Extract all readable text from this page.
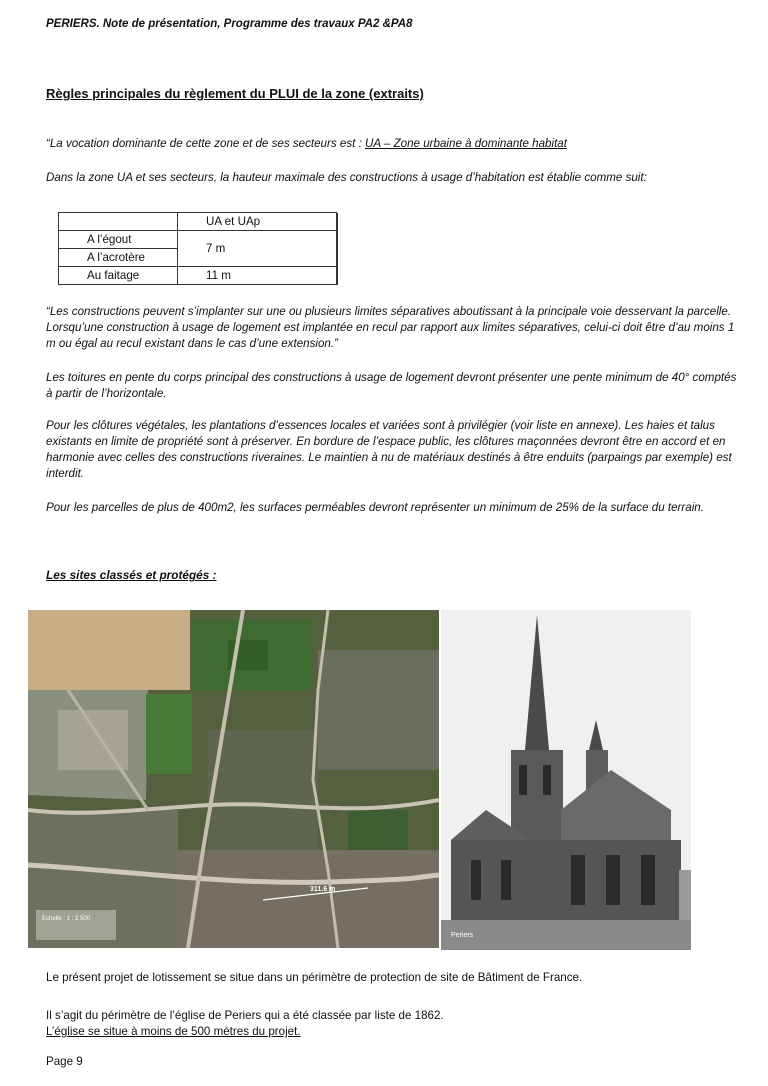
PERIERS. Note de présentation, Programme des travaux PA2 &PA8
Règles principales du règlement du PLUI de la zone (extraits)
“La vocation dominante de cette zone et de ses secteurs est : UA – Zone urbaine à dominante habitat
Dans la zone UA et ses secteurs, la hauteur maximale des constructions à usage d’habitation est établie comme suit:
	UA et UAp	
A l’égout	7 m	
A l’acrotère		
Au faitage	11 m	
“Les constructions peuvent s’implanter sur une ou plusieurs limites séparatives aboutissant à la principale voie desservant la parcelle. Lorsqu’une construction à usage de logement est implantée en recul par rapport aux limites séparatives, celui-ci doit être d’au moins 1 m ou égal au recul existant dans le cas d’une extension.”
Les toitures en pente du corps principal des constructions à usage de logement devront présenter une pente minimum de 40° comptés à partir de l’horizontale.
Pour les clôtures végétales, les plantations d’essences locales et variées sont à privilégier (voir liste en annexe). Les haies et talus existants en limite de propriété sont à préserver. En bordure de l’espace public, les clôtures maçonnées devront être en accord et en harmonie avec celles des constructions riveraines. Le maintien à nu de matériaux destinés à être enduits (parpaings par exemple) est interdit.
Pour les parcelles de plus de 400m2, les surfaces perméables devront représenter un minimum de 25% de la surface du terrain.
Les sites classés et protégés :
311.6 m
Echelle : 1 : 2 500
Periers
Le présent projet de lotissement se situe dans un périmètre de protection de site de Bâtiment de France.
Il s’agit du périmètre de l’église de Periers qui a été classée par liste de 1862.
L’église se situe à moins de 500 mètres du projet.
Page 9
